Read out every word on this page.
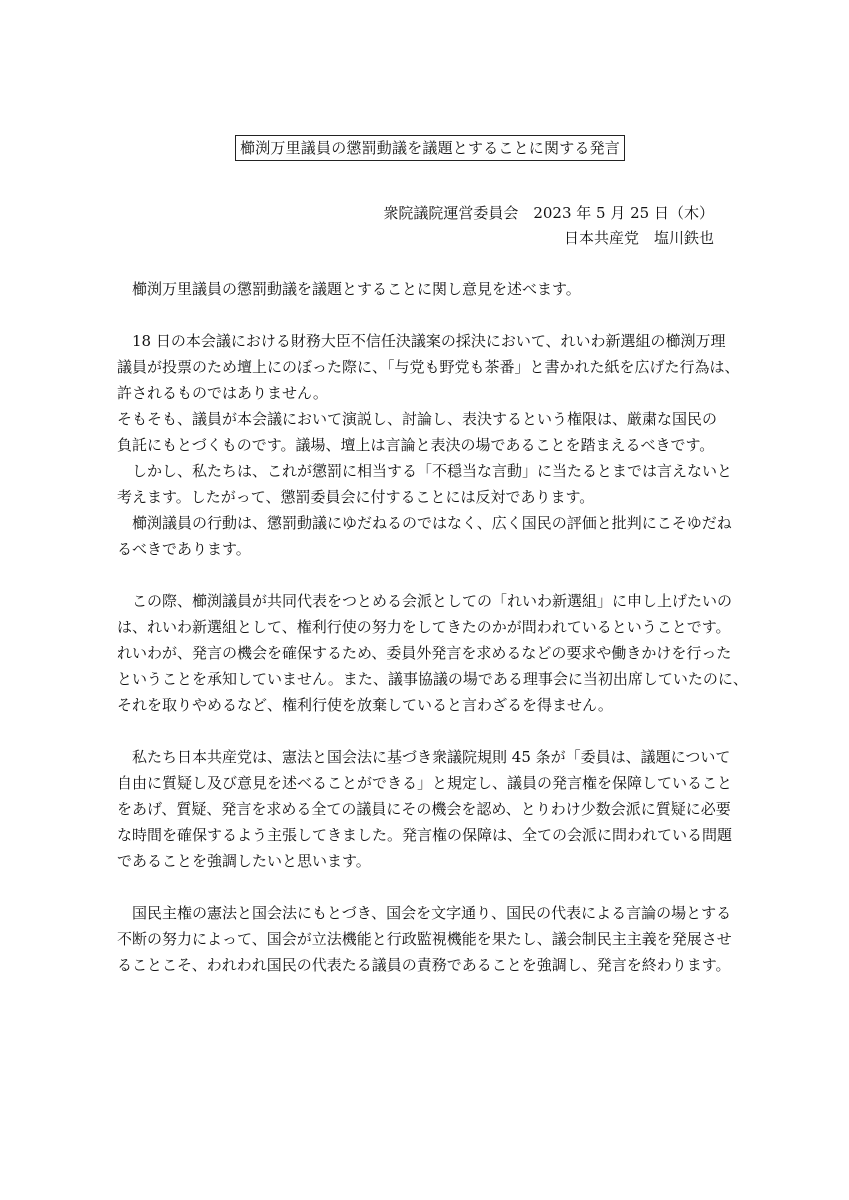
櫛渕万里議員の懲罰動議を議題とすることに関する発言
衆院議院運営委員会　2023 年 5 月 25 日（木）
日本共産党　塩川鉄也
　櫛渕万里議員の懲罰動議を議題とすることに関し意見を述べます。
　18 日の本会議における財務大臣不信任決議案の採決において、れいわ新選組の櫛渕万理
議員が投票のため壇上にのぼった際に、「与党も野党も茶番」と書かれた紙を広げた行為は、
許されるものではありません。
そもそも、議員が本会議において演説し、討論し、表決するという権限は、厳粛な国民の
負託にもとづくものです。議場、壇上は言論と表決の場であることを踏まえるべきです。
　しかし、私たちは、これが懲罰に相当する「不穏当な言動」に当たるとまでは言えないと
考えます。したがって、懲罰委員会に付することには反対であります。
　櫛渕議員の行動は、懲罰動議にゆだねるのではなく、広く国民の評価と批判にこそゆだね
るべきであります。
　この際、櫛渕議員が共同代表をつとめる会派としての「れいわ新選組」に申し上げたいの
は、れいわ新選組として、権利行使の努力をしてきたのかが問われているということです。
れいわが、発言の機会を確保するため、委員外発言を求めるなどの要求や働きかけを行った
ということを承知していません。また、議事協議の場である理事会に当初出席していたのに、
それを取りやめるなど、権利行使を放棄していると言わざるを得ません。
　私たち日本共産党は、憲法と国会法に基づき衆議院規則 45 条が「委員は、議題について
自由に質疑し及び意見を述べることができる」と規定し、議員の発言権を保障していること
をあげ、質疑、発言を求める全ての議員にその機会を認め、とりわけ少数会派に質疑に必要
な時間を確保するよう主張してきました。発言権の保障は、全ての会派に問われている問題
であることを強調したいと思います。
　国民主権の憲法と国会法にもとづき、国会を文字通り、国民の代表による言論の場とする
不断の努力によって、国会が立法機能と行政監視機能を果たし、議会制民主主義を発展させ
ることこそ、われわれ国民の代表たる議員の責務であることを強調し、発言を終わります。
